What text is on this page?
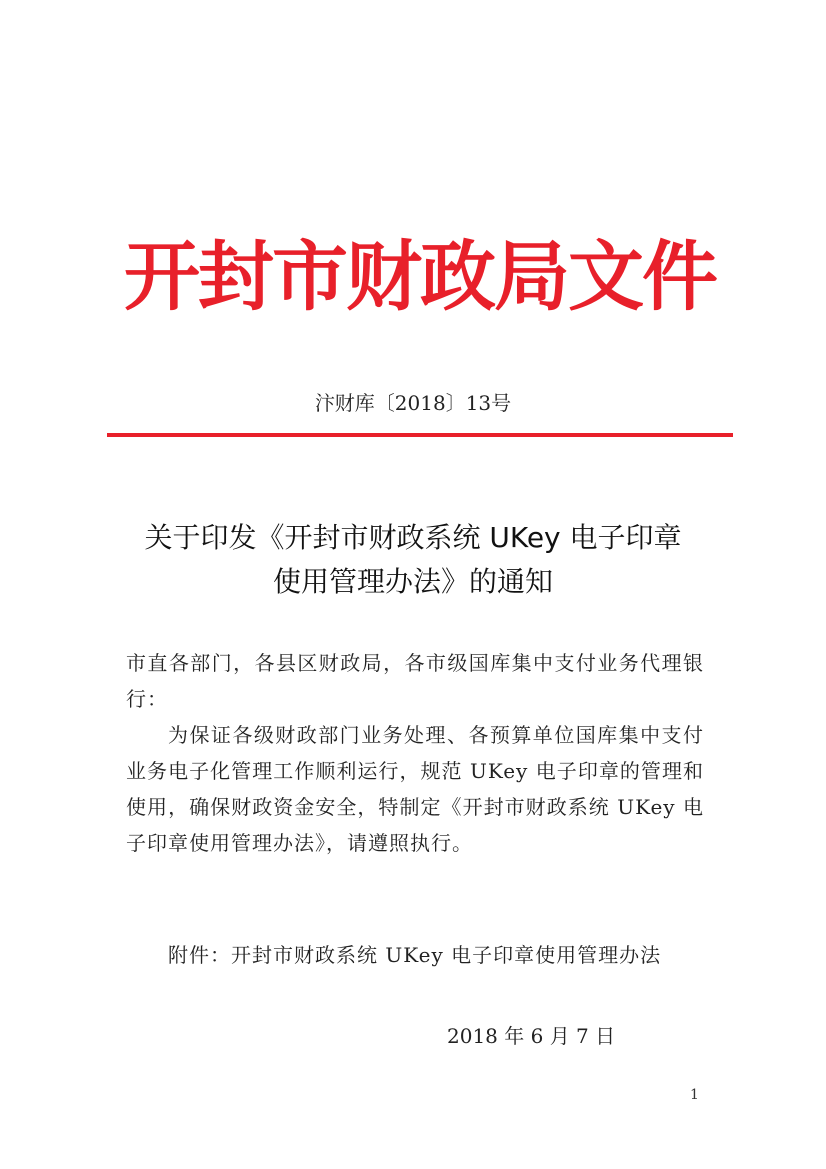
开封市财政局文件
汴财库〔2018〕13号
关于印发《开封市财政系统 UKey 电子印章
使用管理办法》的通知

市直各部门，各县区财政局，各市级国库集中支付业务代理银行：

为保证各级财政部门业务处理、各预算单位国库集中支付业务电子化管理工作顺利运行，规范 UKey 电子印章的管理和使用，确保财政资金安全，特制定《开封市财政系统 UKey 电子印章使用管理办法》，请遵照执行。

附件：开封市财政系统 UKey 电子印章使用管理办法
2018 年 6 月 7 日
1
